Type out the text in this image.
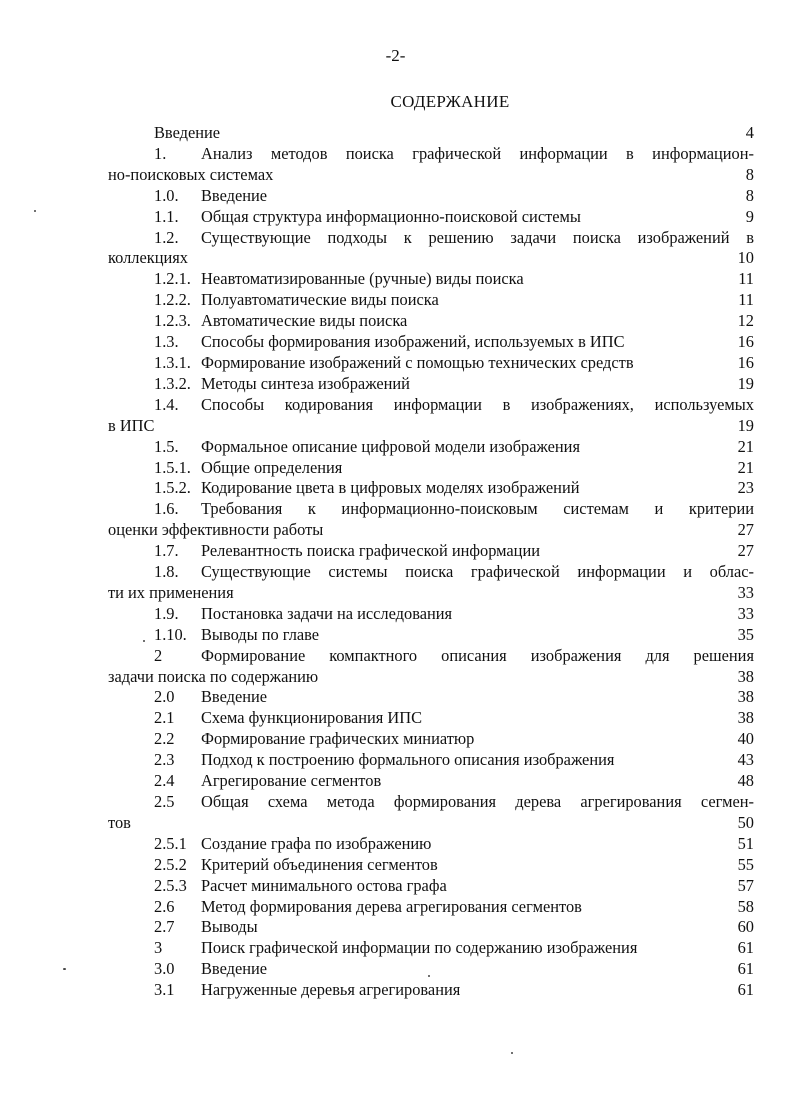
-2-
СОДЕРЖАНИЕ
Введение	4
1.	Анализ методов поиска графической информации в информацион-
но-поисковых системах	8
1.0.	Введение	8
1.1.	Общая структура информационно-поисковой системы	9
1.2.	Существующие подходы к решению задачи поиска изображений в
коллекциях	10
1.2.1. Неавтоматизированные (ручные) виды поиска	11
1.2.2. Полуавтоматические виды поиска	11
1.2.3. Автоматические виды поиска	12
1.3.	Способы формирования изображений, используемых в ИПС	16
1.3.1. Формирование изображений с помощью технических средств	16
1.3.2. Методы синтеза изображений	19
1.4.	Способы кодирования информации в изображениях, используемых
в ИПС	19
1.5.	Формальное описание цифровой модели изображения	21
1.5.1. Общие определения	21
1.5.2. Кодирование цвета в цифровых моделях изображений	23
1.6.	Требования к информационно-поисковым системам и критерии
оценки эффективности работы	27
1.7.	Релевантность поиска графической информации	27
1.8.	Существующие системы поиска графической информации и облас-
ти их применения	33
1.9.	Постановка задачи на исследования	33
1.10. Выводы по главе	35
2	Формирование компактного описания изображения для решения
задачи поиска по содержанию	38
2.0	Введение	38
2.1	Схема функционирования ИПС	38
2.2	Формирование графических миниатюр	40
2.3	Подход к построению формального описания изображения	43
2.4	Агрегирование сегментов	48
2.5	Общая схема метода формирования дерева агрегирования сегмен-
тов	50
2.5.1 Создание графа по изображению	51
2.5.2 Критерий объединения сегментов	55
2.5.3 Расчет минимального остова графа	57
2.6	Метод формирования дерева агрегирования сегментов	58
2.7	Выводы	60
3	Поиск графической информации по содержанию изображения	61
3.0	Введение	61
3.1	Нагруженные деревья агрегирования	61
